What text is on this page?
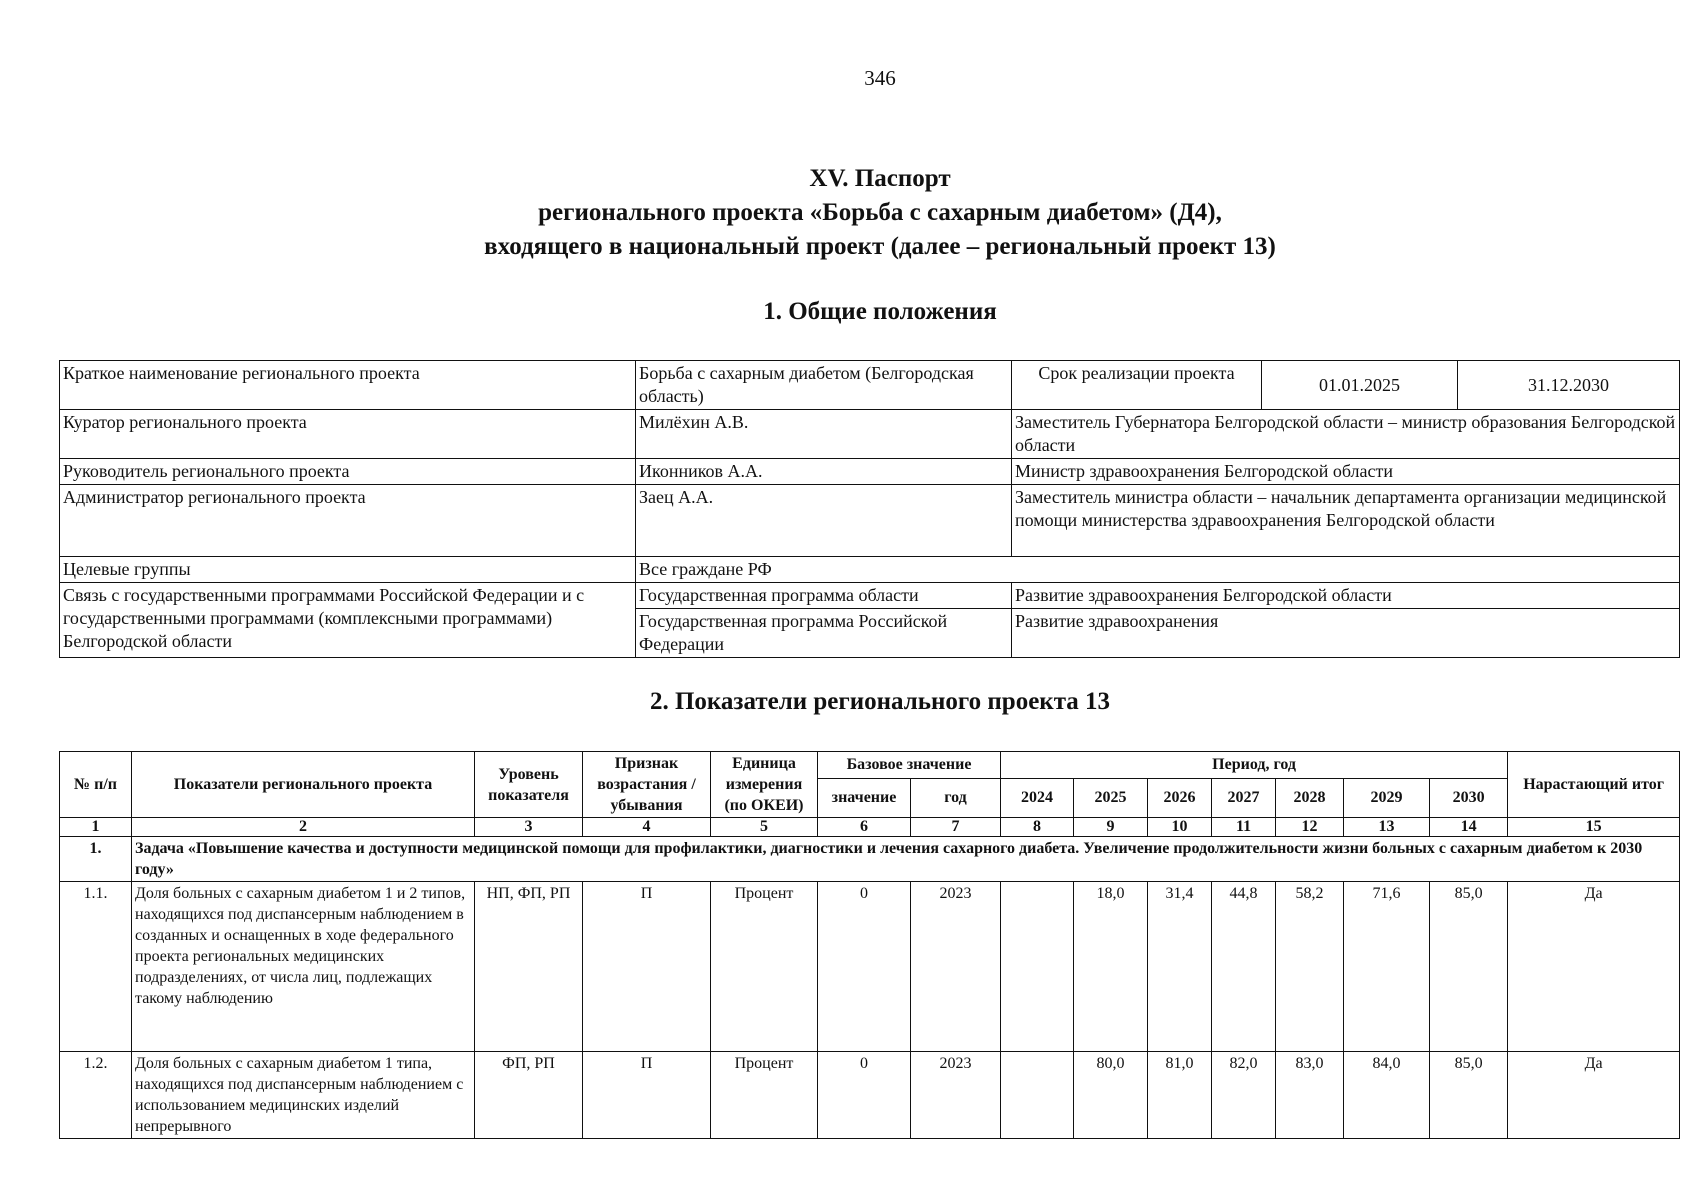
346
XV. Паспорт
регионального проекта «Борьба с сахарным диабетом» (Д4),
входящего в национальный проект (далее – региональный проект 13)
1. Общие положения
Краткое наименование регионального проекта	Борьба с сахарным диабетом (Белгородская область)	Срок реализации проекта	01.01.2025	31.12.2030
Куратор регионального проекта	Милёхин А.В.	Заместитель Губернатора Белгородской области – министр образования Белгородской области		
Руководитель регионального проекта	Иконников А.А.	Министр здравоохранения Белгородской области		
Администратор регионального проекта	Заец А.А.	Заместитель министра области – начальник департамента организации медицинской помощи министерства здравоохранения Белгородской области		
Целевые группы	Все граждане РФ			
Связь с государственными программами Российской Федерации и с государственными программами (комплексными программами) Белгородской области	Государственная программа области	Развитие здравоохранения Белгородской области		
	Государственная программа Российской Федерации	Развитие здравоохранения		
2. Показатели регионального проекта 13
№ п/п	Показатели регионального проекта	Уровень показателя	Признак возрастания / убывания	Единица измерения (по ОКЕИ)	Базовое значение		Период, год							Нарастающий итог
					значение	год	2024	2025	2026	2027	2028	2029	2030	
1	2	3	4	5	6	7	8	9	10	11	12	13	14	15
1.	Задача «Повышение качества и доступности медицинской помощи для профилактики, диагностики и лечения сахарного диабета. Увеличение продолжительности жизни больных с сахарным диабетом к 2030 году»													
1.1.	Доля больных с сахарным диабетом 1 и 2 типов, находящихся под диспансерным наблюдением в созданных и оснащенных в ходе федерального проекта региональных медицинских подразделениях, от числа лиц, подлежащих такому наблюдению	НП, ФП, РП	П	Процент	0	2023		18,0	31,4	44,8	58,2	71,6	85,0	Да
1.2.	Доля больных с сахарным диабетом 1 типа, находящихся под диспансерным наблюдением с использованием медицинских изделий непрерывного	ФП, РП	П	Процент	0	2023		80,0	81,0	82,0	83,0	84,0	85,0	Да
